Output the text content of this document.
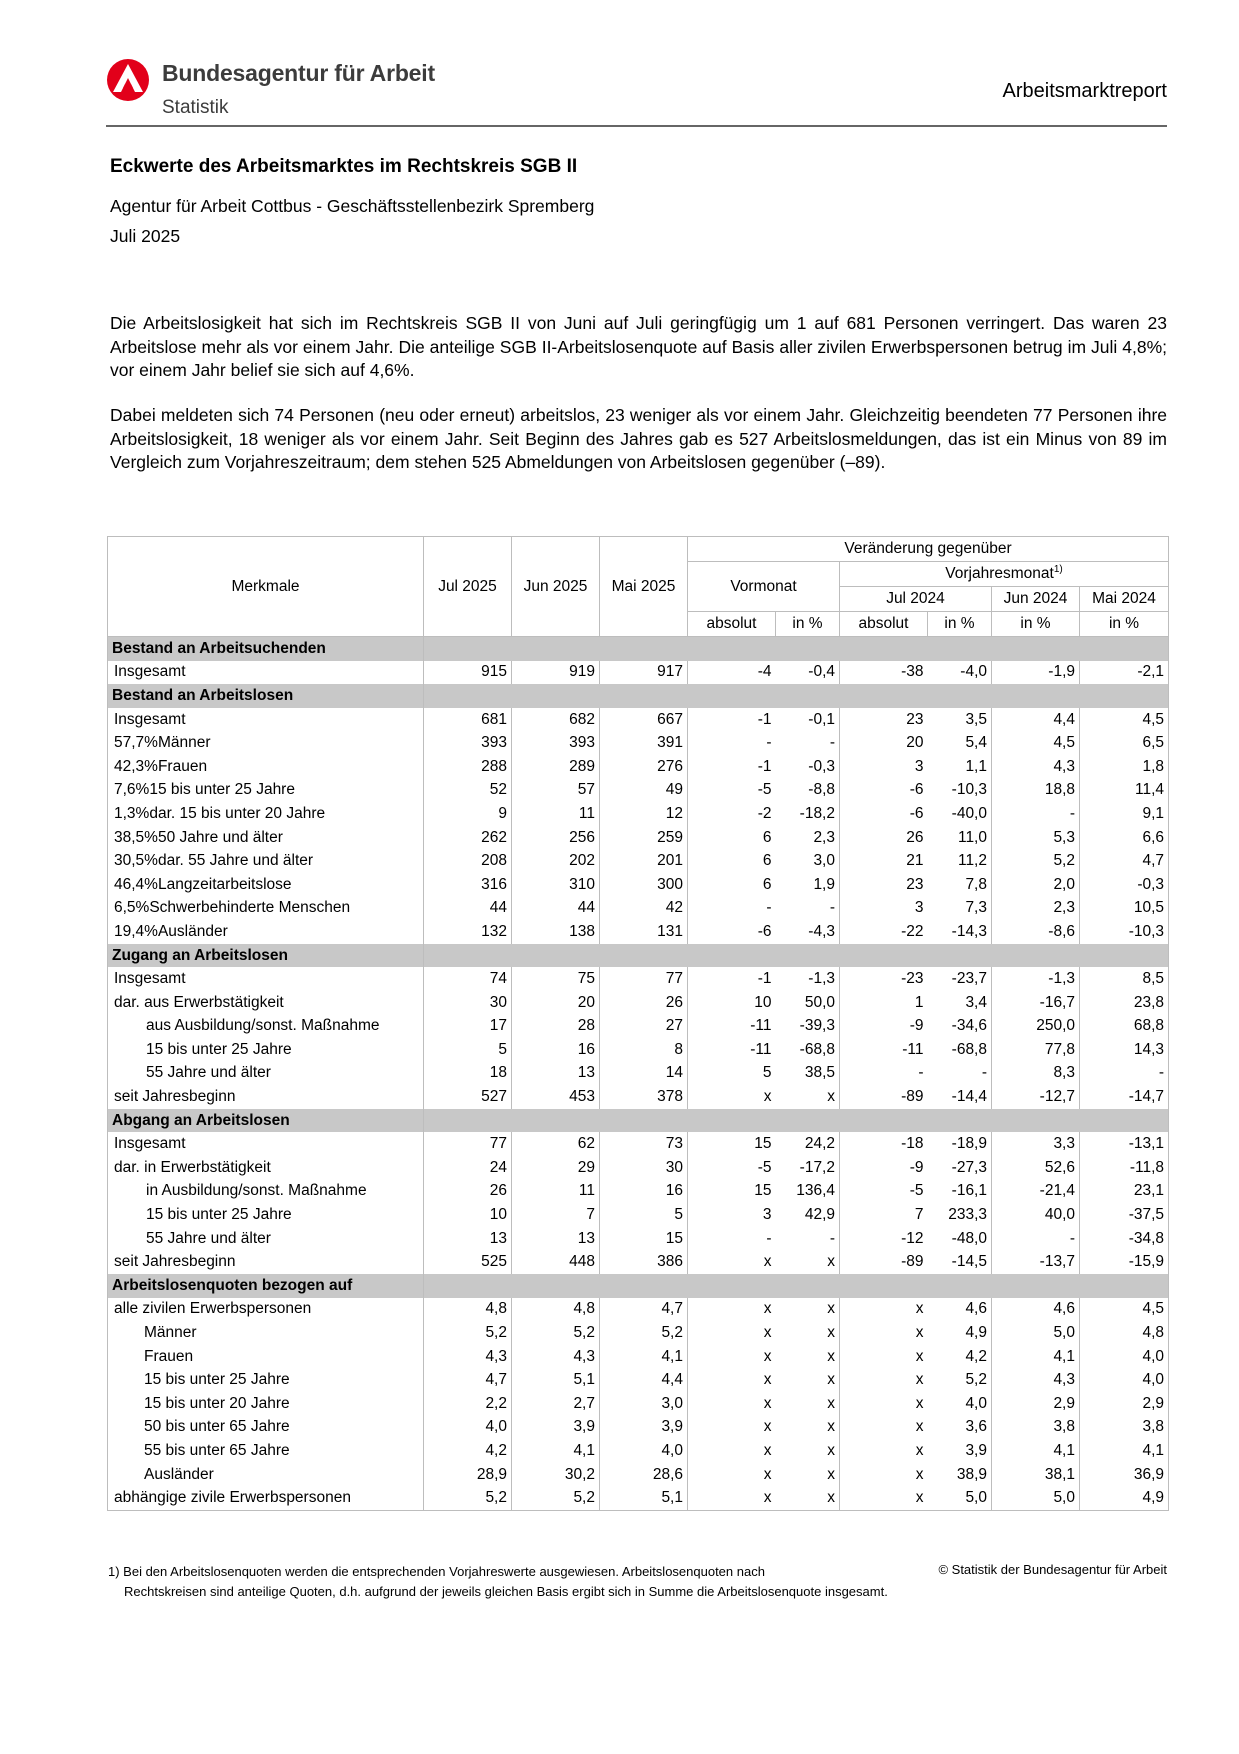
Bundesagentur für Arbeit
Statistik
Arbeitsmarktreport
Eckwerte des Arbeitsmarktes im Rechtskreis SGB II
Agentur für Arbeit Cottbus - Geschäftsstellenbezirk Spremberg
Juli 2025
Die Arbeitslosigkeit hat sich im Rechtskreis SGB II von Juni auf Juli geringfügig um 1 auf 681 Personen verringert. Das waren 23 Arbeitslose mehr als vor einem Jahr. Die anteilige SGB II-Arbeitslosenquote auf Basis aller zivilen Erwerbspersonen betrug im Juli 4,8%; vor einem Jahr belief sie sich auf 4,6%.
Dabei meldeten sich 74 Personen (neu oder erneut) arbeitslos, 23 weniger als vor einem Jahr. Gleichzeitig beendeten 77 Personen ihre Arbeitslosigkeit, 18 weniger als vor einem Jahr. Seit Beginn des Jahres gab es 527 Arbeitslosmeldungen, das ist ein Minus von 89 im Vergleich zum Vorjahreszeitraum; dem stehen 525 Abmeldungen von Arbeitslosen gegenüber (–89).
Merkmale	Jul 2025	Jun 2025	Mai 2025	Veränderung gegenüber					
				Vormonat		Vorjahresmonat$^{1)}$
						Jul 2024		Jun 2024	Mai 2024
				absolut	in %	absolut	in %	in %	in %
Bestand an Arbeitsuchenden									
Insgesamt	915	919	917	-4	-0,4	-38	-4,0	-1,9	-2,1
Bestand an Arbeitslosen									
Insgesamt	681	682	667	-1	-0,1	23	3,5	4,4	4,5
57,7%Männer	393	393	391	-	-	20	5,4	4,5	6,5
42,3%Frauen	288	289	276	-1	-0,3	3	1,1	4,3	1,8
7,6%15 bis unter 25 Jahre	52	57	49	-5	-8,8	-6	-10,3	18,8	11,4
1,3%dar. 15 bis unter 20 Jahre	9	11	12	-2	-18,2	-6	-40,0	-	9,1
38,5%50 Jahre und älter	262	256	259	6	2,3	26	11,0	5,3	6,6
30,5%dar. 55 Jahre und älter	208	202	201	6	3,0	21	11,2	5,2	4,7
46,4%Langzeitarbeitslose	316	310	300	6	1,9	23	7,8	2,0	-0,3
6,5%Schwerbehinderte Menschen	44	44	42	-	-	3	7,3	2,3	10,5
19,4%Ausländer	132	138	131	-6	-4,3	-22	-14,3	-8,6	-10,3
Zugang an Arbeitslosen									
Insgesamt	74	75	77	-1	-1,3	-23	-23,7	-1,3	8,5
dar. aus Erwerbstätigkeit	30	20	26	10	50,0	1	3,4	-16,7	23,8
aus Ausbildung/sonst. Maßnahme	17	28	27	-11	-39,3	-9	-34,6	250,0	68,8
15 bis unter 25 Jahre	5	16	8	-11	-68,8	-11	-68,8	77,8	14,3
55 Jahre und älter	18	13	14	5	38,5	-	-	8,3	-
seit Jahresbeginn	527	453	378	x	x	-89	-14,4	-12,7	-14,7
Abgang an Arbeitslosen									
Insgesamt	77	62	73	15	24,2	-18	-18,9	3,3	-13,1
dar. in Erwerbstätigkeit	24	29	30	-5	-17,2	-9	-27,3	52,6	-11,8
in Ausbildung/sonst. Maßnahme	26	11	16	15	136,4	-5	-16,1	-21,4	23,1
15 bis unter 25 Jahre	10	7	5	3	42,9	7	233,3	40,0	-37,5
55 Jahre und älter	13	13	15	-	-	-12	-48,0	-	-34,8
seit Jahresbeginn	525	448	386	x	x	-89	-14,5	-13,7	-15,9
Arbeitslosenquoten bezogen auf									
alle zivilen Erwerbspersonen	4,8	4,8	4,7	x	x	x	4,6	4,6	4,5
Männer	5,2	5,2	5,2	x	x	x	4,9	5,0	4,8
Frauen	4,3	4,3	4,1	x	x	x	4,2	4,1	4,0
15 bis unter 25 Jahre	4,7	5,1	4,4	x	x	x	5,2	4,3	4,0
15 bis unter 20 Jahre	2,2	2,7	3,0	x	x	x	4,0	2,9	2,9
50 bis unter 65 Jahre	4,0	3,9	3,9	x	x	x	3,6	3,8	3,8
55 bis unter 65 Jahre	4,2	4,1	4,0	x	x	x	3,9	4,1	4,1
Ausländer	28,9	30,2	28,6	x	x	x	38,9	38,1	36,9
abhängige zivile Erwerbspersonen	5,2	5,2	5,1	x	x	x	5,0	5,0	4,9
1) Bei den Arbeitslosenquoten werden die entsprechenden Vorjahreswerte ausgewiesen. Arbeitslosenquoten nach
Rechtskreisen sind anteilige Quoten, d.h. aufgrund der jeweils gleichen Basis ergibt sich in Summe die Arbeitslosenquote insgesamt.
© Statistik der Bundesagentur für Arbeit
